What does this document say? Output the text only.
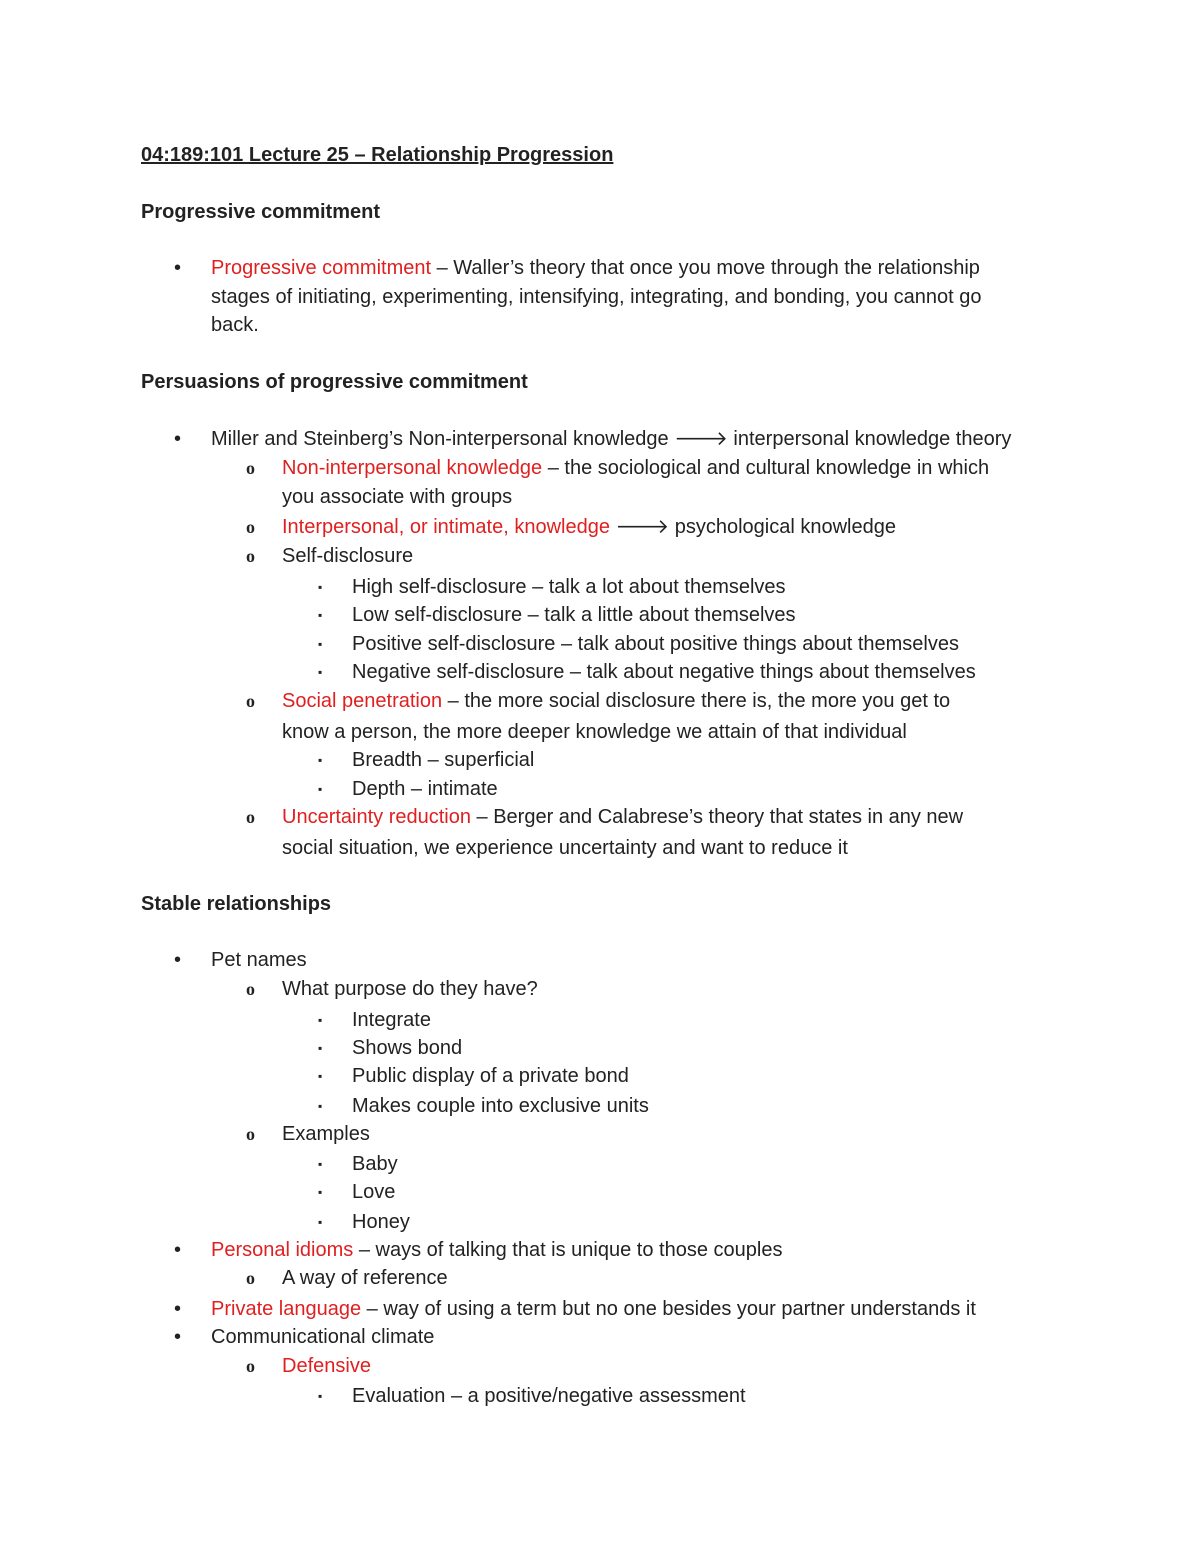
04:189:101 Lecture 25 – Relationship Progression
Progressive commitment
• Progressive commitment – Waller’s theory that once you move through the relationship
stages of initiating, experimenting, intensifying, integrating, and bonding, you cannot go
back.
Persuasions of progressive commitment
• Miller and Steinberg’s Non-interpersonal knowledge 🡒 interpersonal knowledge theory
o Non-interpersonal knowledge – the sociological and cultural knowledge in which
you associate with groups
o Interpersonal, or intimate, knowledge 🡒 psychological knowledge
o Self-disclosure
▪ High self-disclosure – talk a lot about themselves
▪ Low self-disclosure – talk a little about themselves
▪ Positive self-disclosure – talk about positive things about themselves
▪ Negative self-disclosure – talk about negative things about themselves
o Social penetration – the more social disclosure there is, the more you get to
know a person, the more deeper knowledge we attain of that individual
▪ Breadth – superficial
▪ Depth – intimate
o Uncertainty reduction – Berger and Calabrese’s theory that states in any new
social situation, we experience uncertainty and want to reduce it
Stable relationships
• Pet names
o What purpose do they have?
▪ Integrate
▪ Shows bond
▪ Public display of a private bond
▪ Makes couple into exclusive units
o Examples
▪ Baby
▪ Love
▪ Honey
• Personal idioms – ways of talking that is unique to those couples
o A way of reference
• Private language – way of using a term but no one besides your partner understands it
• Communicational climate
o Defensive
▪ Evaluation – a positive/negative assessment
